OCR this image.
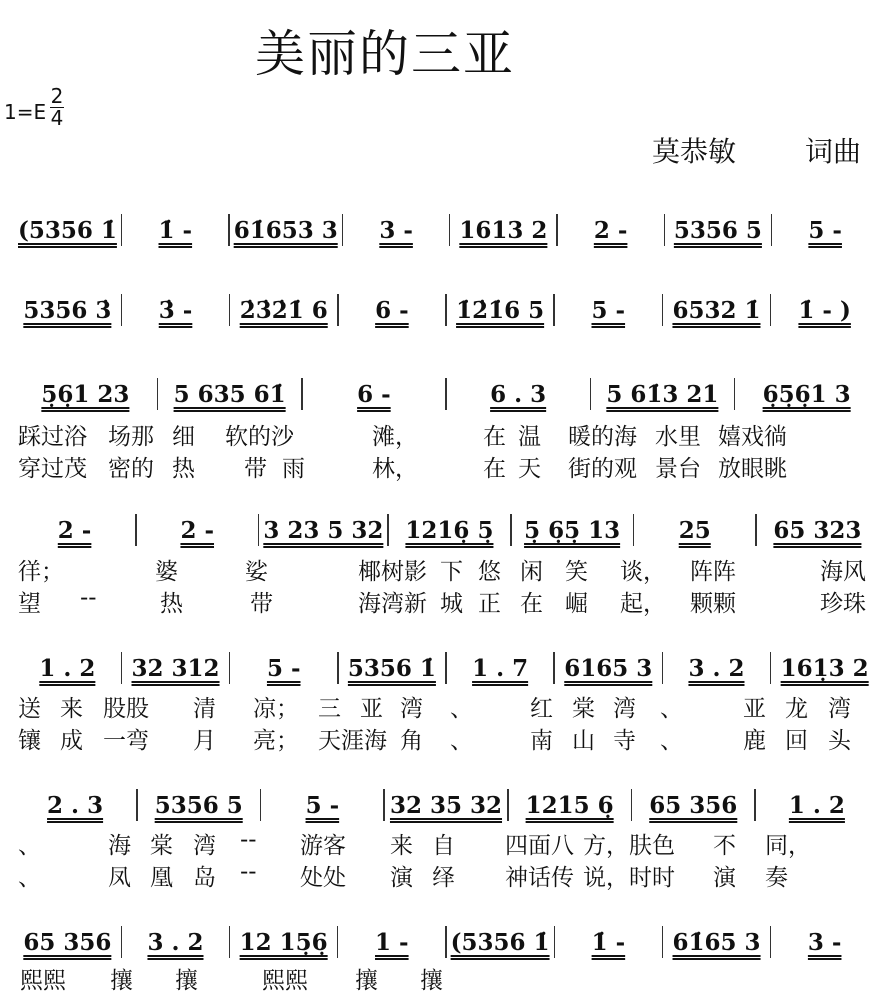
美丽的三亚
1=E
2
4
莫恭敏 词曲
(5356 1̇ 1̇ - 61̇653 3 3 - 1613 2 2 - 5356 5 5 -
5356 3̇ 3̇ - 2̇3̇2̇1̇ 6 6 - 1̇2̇1̇6 5 5 - 6532 1̇ 1̇ - )
5̣6̣1 23 5 635 61̇	6 -	6 . 3	5 61̇3 21 6̣5̣6̣1 3
踩过浴 场那 细 软的沙	滩，	在 温 暖的海 水里 嬉戏徜
穿过茂 密的 热 带 雨	林，	在 天 街的观 景台 放眼眺
2 -	2 - 3 23 5 32 1216̣ 5̣ 5̣ 6̣5̣ 13	25	65 323
徉；	婆	娑	椰树影 下 悠 闲 笑 谈， 阵阵	海风
望 --	热	带	海湾新 城 正 在 崛 起， 颗颗	珍珠
1 . 2 32 312 5 - 5356 1̇ 1 . 7 6165 3 3 . 2 161̣3 2
送 来 股股 清 凉； 三 亚 湾 、 红 棠 湾 、	亚 龙 湾
镶 成 一弯 月 亮； 天涯海 角 、 南 山 寺 、	鹿 回 头
2 . 3 5356 5	5 - 32 35 32 1215 6̣ 65 356 1 . 2
、	海 棠 湾 -- 游客 来 自 四面八 方，肤色 不 同，
、	凤 凰 岛 -- 处处 演 绎 神话传 说，时时 演 奏
65 356 3 . 2 12 15̣6̣ 1 - (5356 1̇ 1̇ - 61̇65 3 3 -
熙熙 攘 攘	熙熙 攘 攘
